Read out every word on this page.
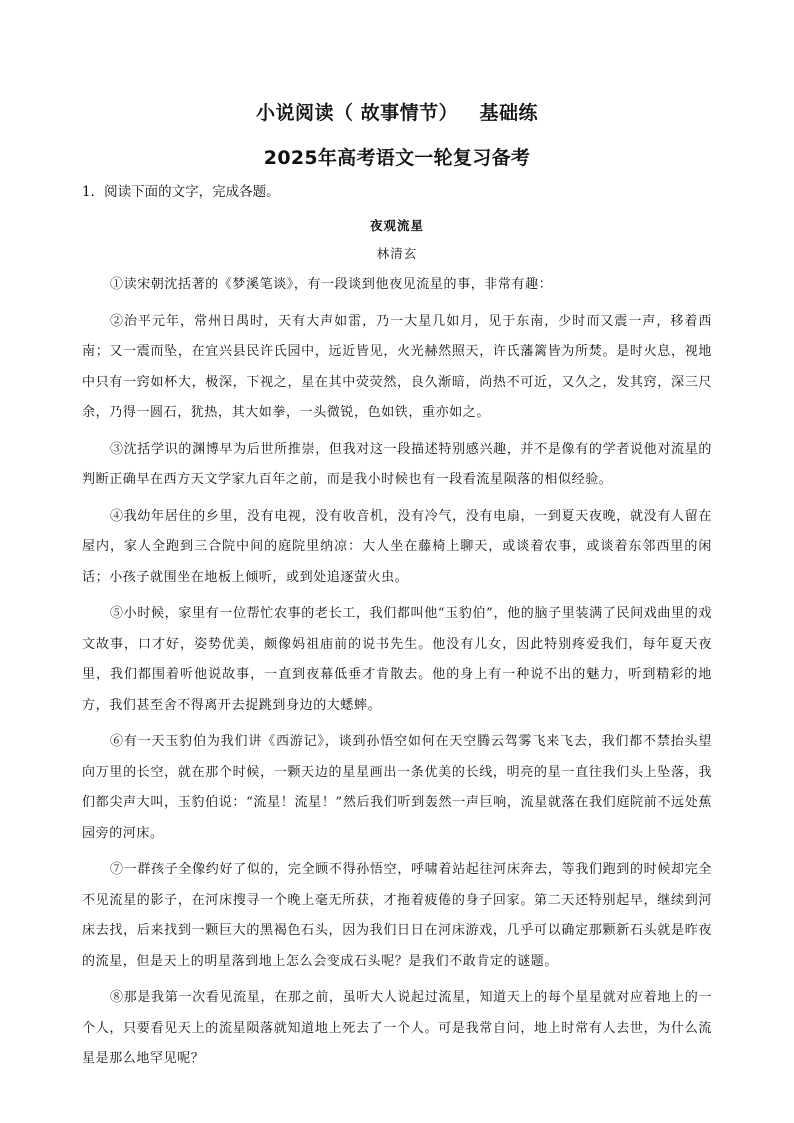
小说阅读（ 故事情节）   基础练
2025年高考语文一轮复习备考
1．阅读下面的文字，完成各题。
夜观流星
林清玄

①读宋朝沈括著的《梦溪笔谈》，有一段谈到他夜见流星的事，非常有趣：

②治平元年，常州日禺时，天有大声如雷，乃一大星几如月，见于东南，少时而又震一声，移着西南；又一震而坠，在宜兴县民许氏园中，远近皆见，火光赫然照天，许氏藩篱皆为所焚。是时火息，视地中只有一窍如杯大，极深，下视之，星在其中荧荧然，良久渐暗，尚热不可近，又久之，发其窍，深三尺余，乃得一圆石，犹热，其大如拳，一头微锐，色如铁，重亦如之。

③沈括学识的渊博早为后世所推崇，但我对这一段描述特别感兴趣，并不是像有的学者说他对流星的判断正确早在西方天文学家九百年之前，而是我小时候也有一段看流星陨落的相似经验。

④我幼年居住的乡里，没有电视，没有收音机，没有冷气，没有电扇，一到夏天夜晚，就没有人留在屋内，家人全跑到三合院中间的庭院里纳凉：大人坐在藤椅上聊天，或谈着农事，或谈着东邻西里的闲话；小孩子就围坐在地板上倾听，或到处追逐萤火虫。

⑤小时候，家里有一位帮忙农事的老长工，我们都叫他“玉豹伯”，他的脑子里装满了民间戏曲里的戏文故事，口才好，姿势优美，颇像妈祖庙前的说书先生。他没有儿女，因此特别疼爱我们，每年夏天夜里，我们都围着听他说故事，一直到夜幕低垂才肯散去。他的身上有一种说不出的魅力，听到精彩的地方，我们甚至舍不得离开去捉跳到身边的大蟋蟀。

⑥有一天玉豹伯为我们讲《西游记》，谈到孙悟空如何在天空腾云驾雾飞来飞去，我们都不禁抬头望向万里的长空，就在那个时候，一颗天边的星星画出一条优美的长线，明亮的星一直往我们头上坠落，我们都尖声大叫，玉豹伯说：“流星！流星！”然后我们听到轰然一声巨响，流星就落在我们庭院前不远处蕉园旁的河床。

⑦一群孩子全像约好了似的，完全顾不得孙悟空，呼啸着站起往河床奔去，等我们跑到的时候却完全不见流星的影子，在河床搜寻一个晚上毫无所获，才拖着疲倦的身子回家。第二天还特别起早，继续到河床去找，后来找到一颗巨大的黑褐色石头，因为我们日日在河床游戏，几乎可以确定那颗新石头就是昨夜的流星，但是天上的明星落到地上怎么会变成石头呢？是我们不敢肯定的谜题。

⑧那是我第一次看见流星，在那之前，虽听大人说起过流星，知道天上的每个星星就对应着地上的一个人，只要看见天上的流星陨落就知道地上死去了一个人。可是我常自问，地上时常有人去世，为什么流星是那么地罕见呢？
